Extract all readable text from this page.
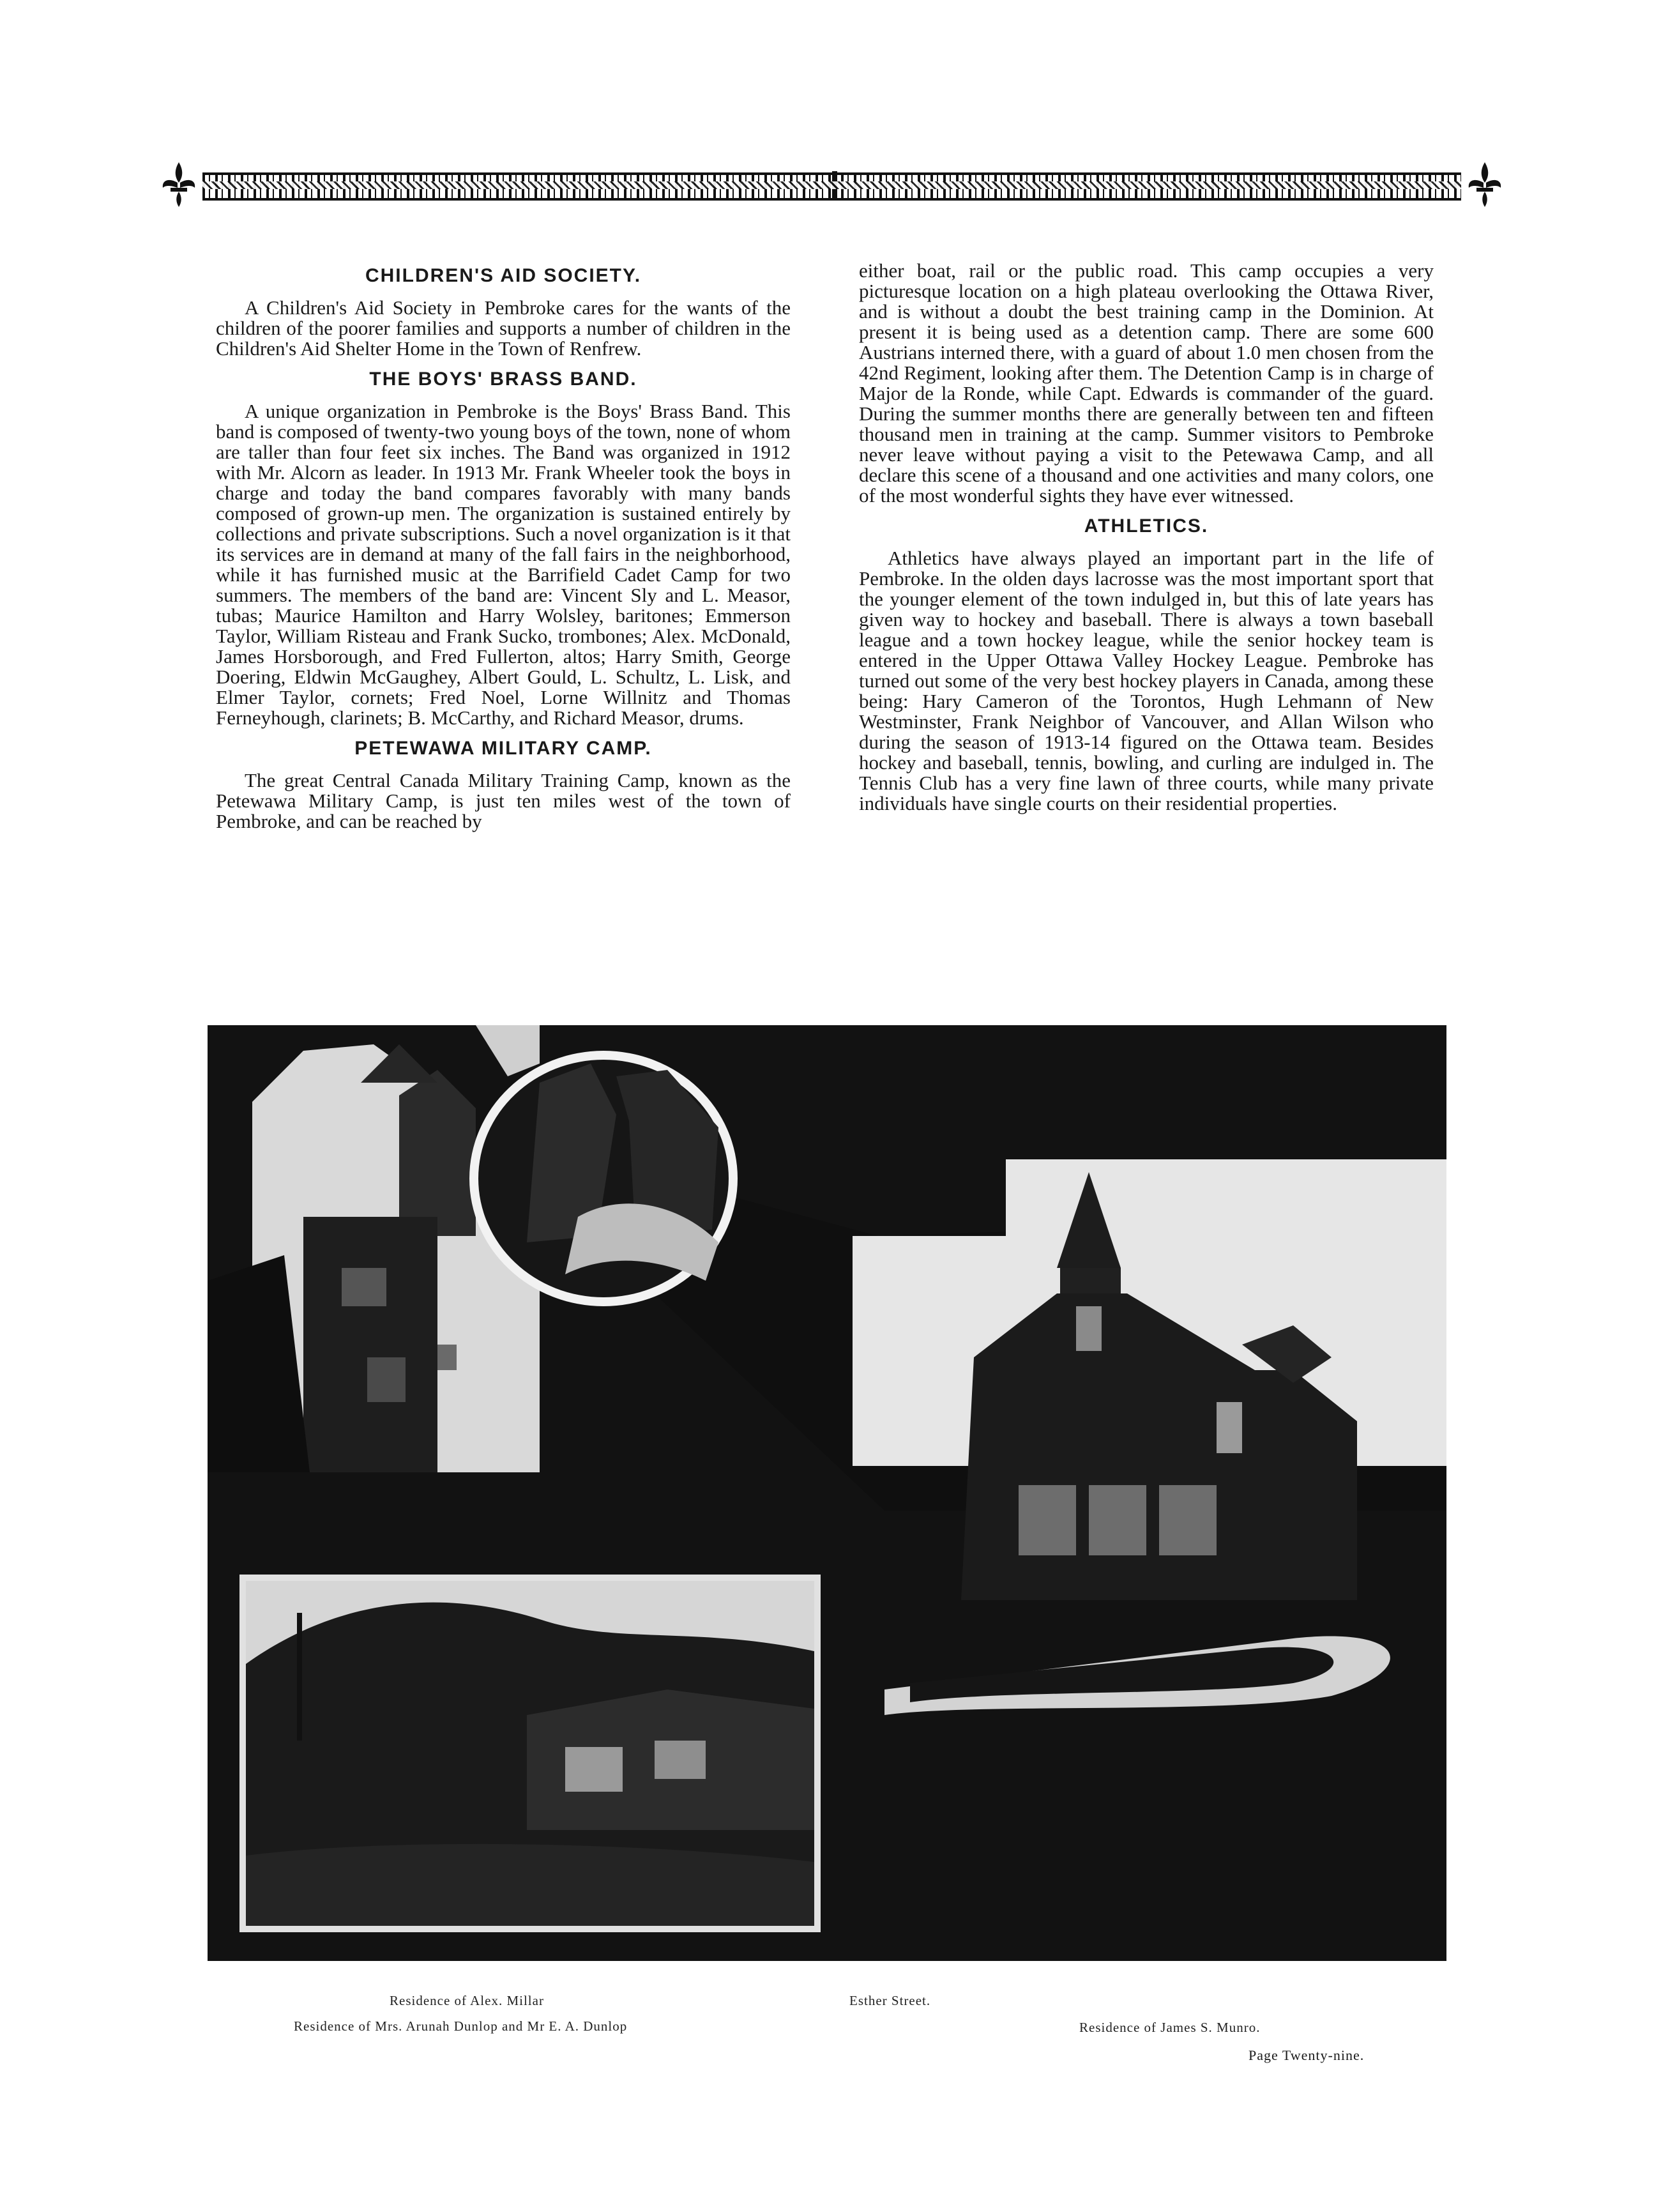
CHILDREN'S AID SOCIETY.

A Children's Aid Society in Pembroke cares for the wants of the children of the poorer families and supports a number of children in the Children's Aid Shelter Home in the Town of Renfrew.

THE BOYS' BRASS BAND.

A unique organization in Pembroke is the Boys' Brass Band. This band is composed of twenty-two young boys of the town, none of whom are taller than four feet six inches. The Band was organized in 1912 with Mr. Alcorn as leader. In 1913 Mr. Frank Wheeler took the boys in charge and today the band compares favorably with many bands composed of grown-up men. The organization is sustained entirely by collections and private subscriptions. Such a novel organization is it that its services are in demand at many of the fall fairs in the neighborhood, while it has furnished music at the Barrifield Cadet Camp for two summers. The members of the band are: Vincent Sly and L. Measor, tubas; Maurice Hamilton and Harry Wolsley, baritones; Emmerson Taylor, William Risteau and Frank Sucko, trombones; Alex. McDonald, James Horsborough, and Fred Fullerton, altos; Harry Smith, George Doering, Eldwin McGaughey, Albert Gould, L. Schultz, L. Lisk, and Elmer Taylor, cornets; Fred Noel, Lorne Willnitz and Thomas Ferneyhough, clarinets; B. McCarthy, and Richard Measor, drums.

PETEWAWA MILITARY CAMP.

The great Central Canada Military Training Camp, known as the Petewawa Military Camp, is just ten miles west of the town of Pembroke, and can be reached by

either boat, rail or the public road. This camp occupies a very picturesque location on a high plateau overlooking the Ottawa River, and is without a doubt the best training camp in the Dominion. At present it is being used as a detention camp. There are some 600 Austrians interned there, with a guard of about 1.0 men chosen from the 42nd Regiment, looking after them. The Detention Camp is in charge of Major de la Ronde, while Capt. Edwards is commander of the guard. During the summer months there are generally between ten and fifteen thousand men in training at the camp. Summer visitors to Pembroke never leave without paying a visit to the Petewawa Camp, and all declare this scene of a thousand and one activities and many colors, one of the most wonderful sights they have ever witnessed.

ATHLETICS.

Athletics have always played an important part in the life of Pembroke. In the olden days lacrosse was the most important sport that the younger element of the town indulged in, but this of late years has given way to hockey and baseball. There is always a town baseball league and a town hockey league, while the senior hockey team is entered in the Upper Ottawa Valley Hockey League. Pembroke has turned out some of the very best hockey players in Canada, among these being: Hary Cameron of the Torontos, Hugh Lehmann of New Westminster, Frank Neighbor of Vancouver, and Allan Wilson who during the season of 1913-14 figured on the Ottawa team. Besides hockey and baseball, tennis, bowling, and curling are indulged in. The Tennis Club has a very fine lawn of three courts, while many private individuals have single courts on their residential properties.

Residence of Alex. Millar
Residence of Mrs. Arunah Dunlop and Mr E. A. Dunlop
Esther Street.
Residence of James S. Munro.
Page Twenty-nine.
